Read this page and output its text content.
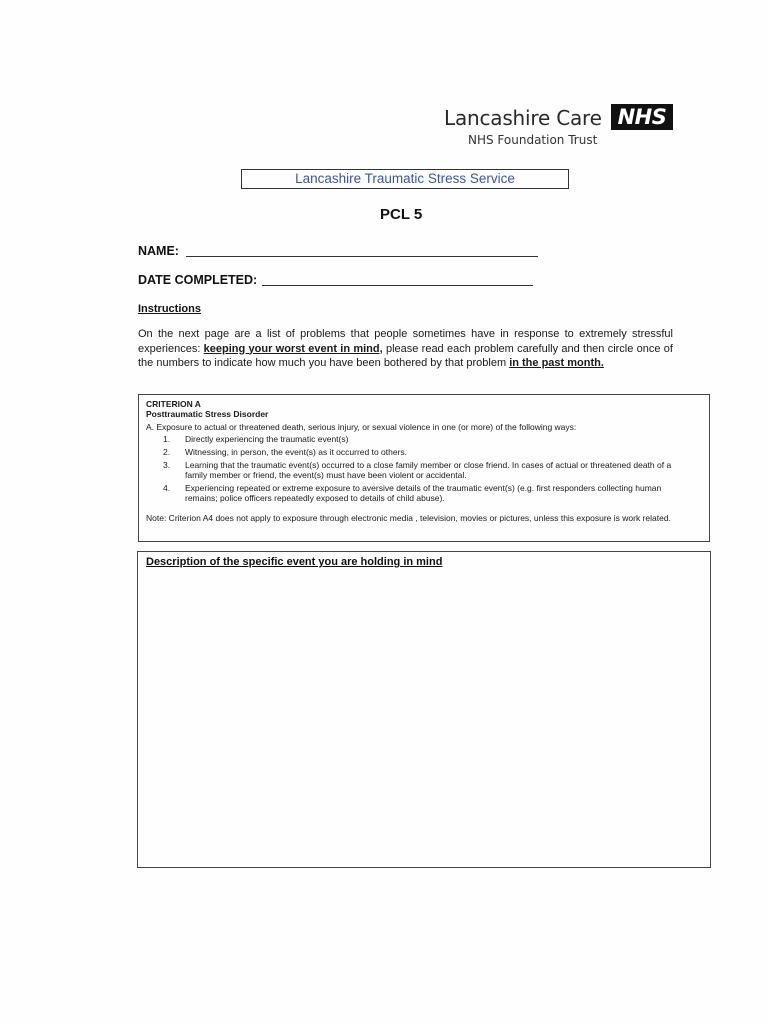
Lancashire Care NHS
NHS Foundation Trust
Lancashire Traumatic Stress Service
PCL 5
NAME:
DATE COMPLETED:
Instructions
On the next page are a list of problems that people sometimes have in response to extremely stressful experiences: keeping your worst event in mind, please read each problem carefully and then circle once of the numbers to indicate how much you have been bothered by that problem in the past month.
CRITERION A
Posttraumatic Stress Disorder
A. Exposure to actual or threatened death, serious injury, or sexual violence in one (or more) of the following ways:
1. Directly experiencing the traumatic event(s)
2. Witnessing, in person, the event(s) as it occurred to others.
3. Learning that the traumatic event(s) occurred to a close family member or close friend. In cases of actual or threatened death of a family member or friend, the event(s) must have been violent or accidental.
4. Experiencing repeated or extreme exposure to aversive details of the traumatic event(s) (e.g. first responders collecting human remains; police officers repeatedly exposed to details of child abuse).
Note: Criterion A4 does not apply to exposure through electronic media , television, movies or pictures, unless this exposure is work related.
Description of the specific event you are holding in mind
